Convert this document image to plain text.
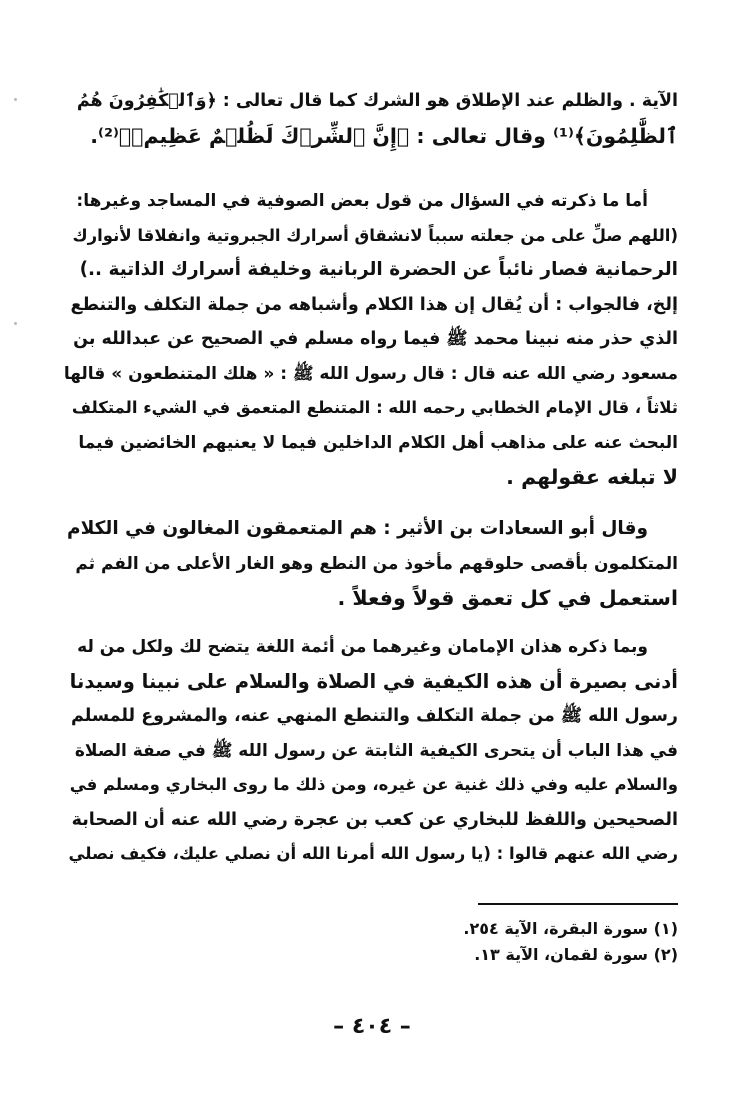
الآية . والظلم عند الإطلاق هو الشرك كما قال تعالى : ﴿وَٱلۡكَٰفِرُونَ هُمُ
ٱلظَّٰلِمُونَ﴾⁽¹⁾ وقال تعالى : ﴿إِنَّ ٱلشِّرۡكَ لَظُلۡمٌ عَظِيمٞ﴾⁽²⁾.

أما ما ذكرته في السؤال من قول بعض الصوفية في المساجد وغيرها:
(اللهم صلِّ على من جعلته سبباً لانشقاق أسرارك الجبروتية وانفلاقا لأنوارك
الرحمانية فصار نائباً عن الحضرة الربانية وخليفة أسرارك الذاتية ..)
إلخ، فالجواب : أن يُقال إن هذا الكلام وأشباهه من جملة التكلف والتنطع
الذي حذر منه نبينا محمد ﷺ فيما رواه مسلم في الصحيح عن عبدالله بن
مسعود رضي الله عنه قال : قال رسول الله ﷺ : « هلك المتنطعون » قالها
ثلاثاً ، قال الإمام الخطابي رحمه الله : المتنطع المتعمق في الشيء المتكلف
البحث عنه على مذاهب أهل الكلام الداخلين فيما لا يعنيهم الخائضين فيما
لا تبلغه عقولهم .

وقال أبو السعادات بن الأثير : هم المتعمقون المغالون في الكلام
المتكلمون بأقصى حلوقهم مأخوذ من النطع وهو الغار الأعلى من الفم ثم
استعمل في كل تعمق قولاً وفعلاً .

وبما ذكره هذان الإمامان وغيرهما من أئمة اللغة يتضح لك ولكل من له
أدنى بصيرة أن هذه الكيفية في الصلاة والسلام على نبينا وسيدنا
رسول الله ﷺ من جملة التكلف والتنطع المنهي عنه، والمشروع للمسلم
في هذا الباب أن يتحرى الكيفية الثابتة عن رسول الله ﷺ في صفة الصلاة
والسلام عليه وفي ذلك غنية عن غيره، ومن ذلك ما روى البخاري ومسلم في
الصحيحين واللفظ للبخاري عن كعب بن عجرة رضي الله عنه أن الصحابة
رضي الله عنهم قالوا : (يا رسول الله أمرنا الله أن نصلي عليك، فكيف نصلي

(١) سورة البقرة، الآية ٢٥٤.
(٢) سورة لقمان، الآية ١٣.
– ٤٠٤ –
